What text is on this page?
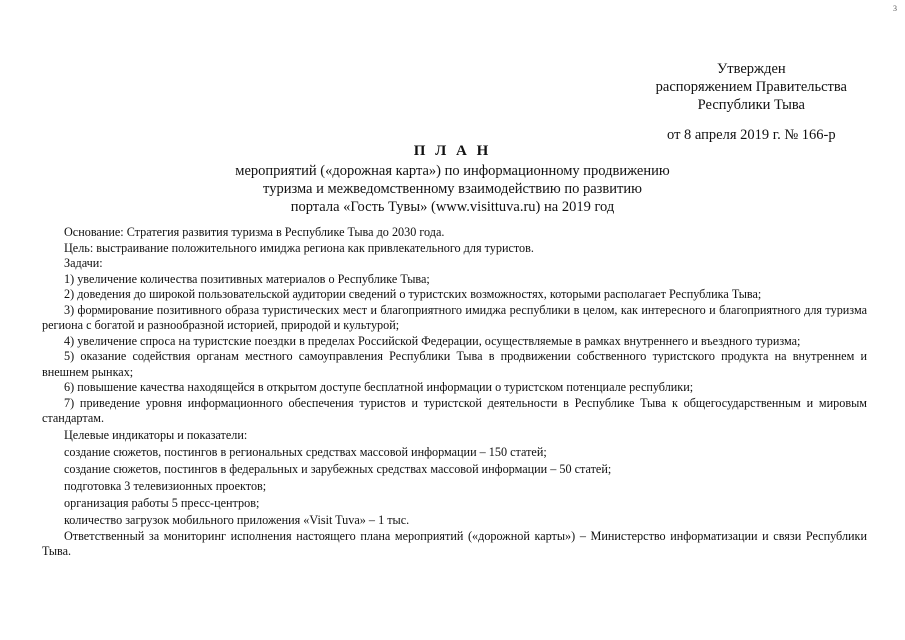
3
Утвержден
распоряжением Правительства
Республики Тыва
от 8 апреля 2019 г. № 166-р
П Л А Н
мероприятий («дорожная карта») по информационному продвижению
туризма и межведомственному взаимодействию по развитию
портала «Гость Тувы» (www.visittuva.ru) на 2019 год

Основание: Стратегия развития туризма в Республике Тыва до 2030 года.

Цель: выстраивание положительного имиджа региона как привлекательного для туристов.

Задачи:

1) увеличение количества позитивных материалов о Республике Тыва;

2) доведения до широкой пользовательской аудитории сведений о туристских возможностях, которыми располагает Республика Тыва;

3) формирование позитивного образа туристических мест и благоприятного имиджа республики в целом, как интересного и благоприятного для туризма региона с богатой и разнообразной историей, природой и культурой;

4) увеличение спроса на туристские поездки в пределах Российской Федерации, осуществляемые в рамках внутреннего и въездного туризма;

5) оказание содействия органам местного самоуправления Республики Тыва в продвижении собственного туристского продукта на внутреннем и внешнем рынках;

6) повышение качества находящейся в открытом доступе бесплатной информации о туристском потенциале республики;

7) приведение уровня информационного обеспечения туристов и туристской деятельности в Республике Тыва к общегосударственным и мировым стандартам.

Целевые индикаторы и показатели:

создание сюжетов, постингов в региональных средствах массовой информации – 150 статей;

создание сюжетов, постингов в федеральных и зарубежных средствах массовой информации – 50 статей;

подготовка 3 телевизионных проектов;

организация работы 5 пресс-центров;

количество загрузок мобильного приложения «Visit Tuva» – 1 тыс.

Ответственный за мониторинг исполнения настоящего плана мероприятий («дорожной карты») – Министерство информатизации и связи Республики Тыва.
